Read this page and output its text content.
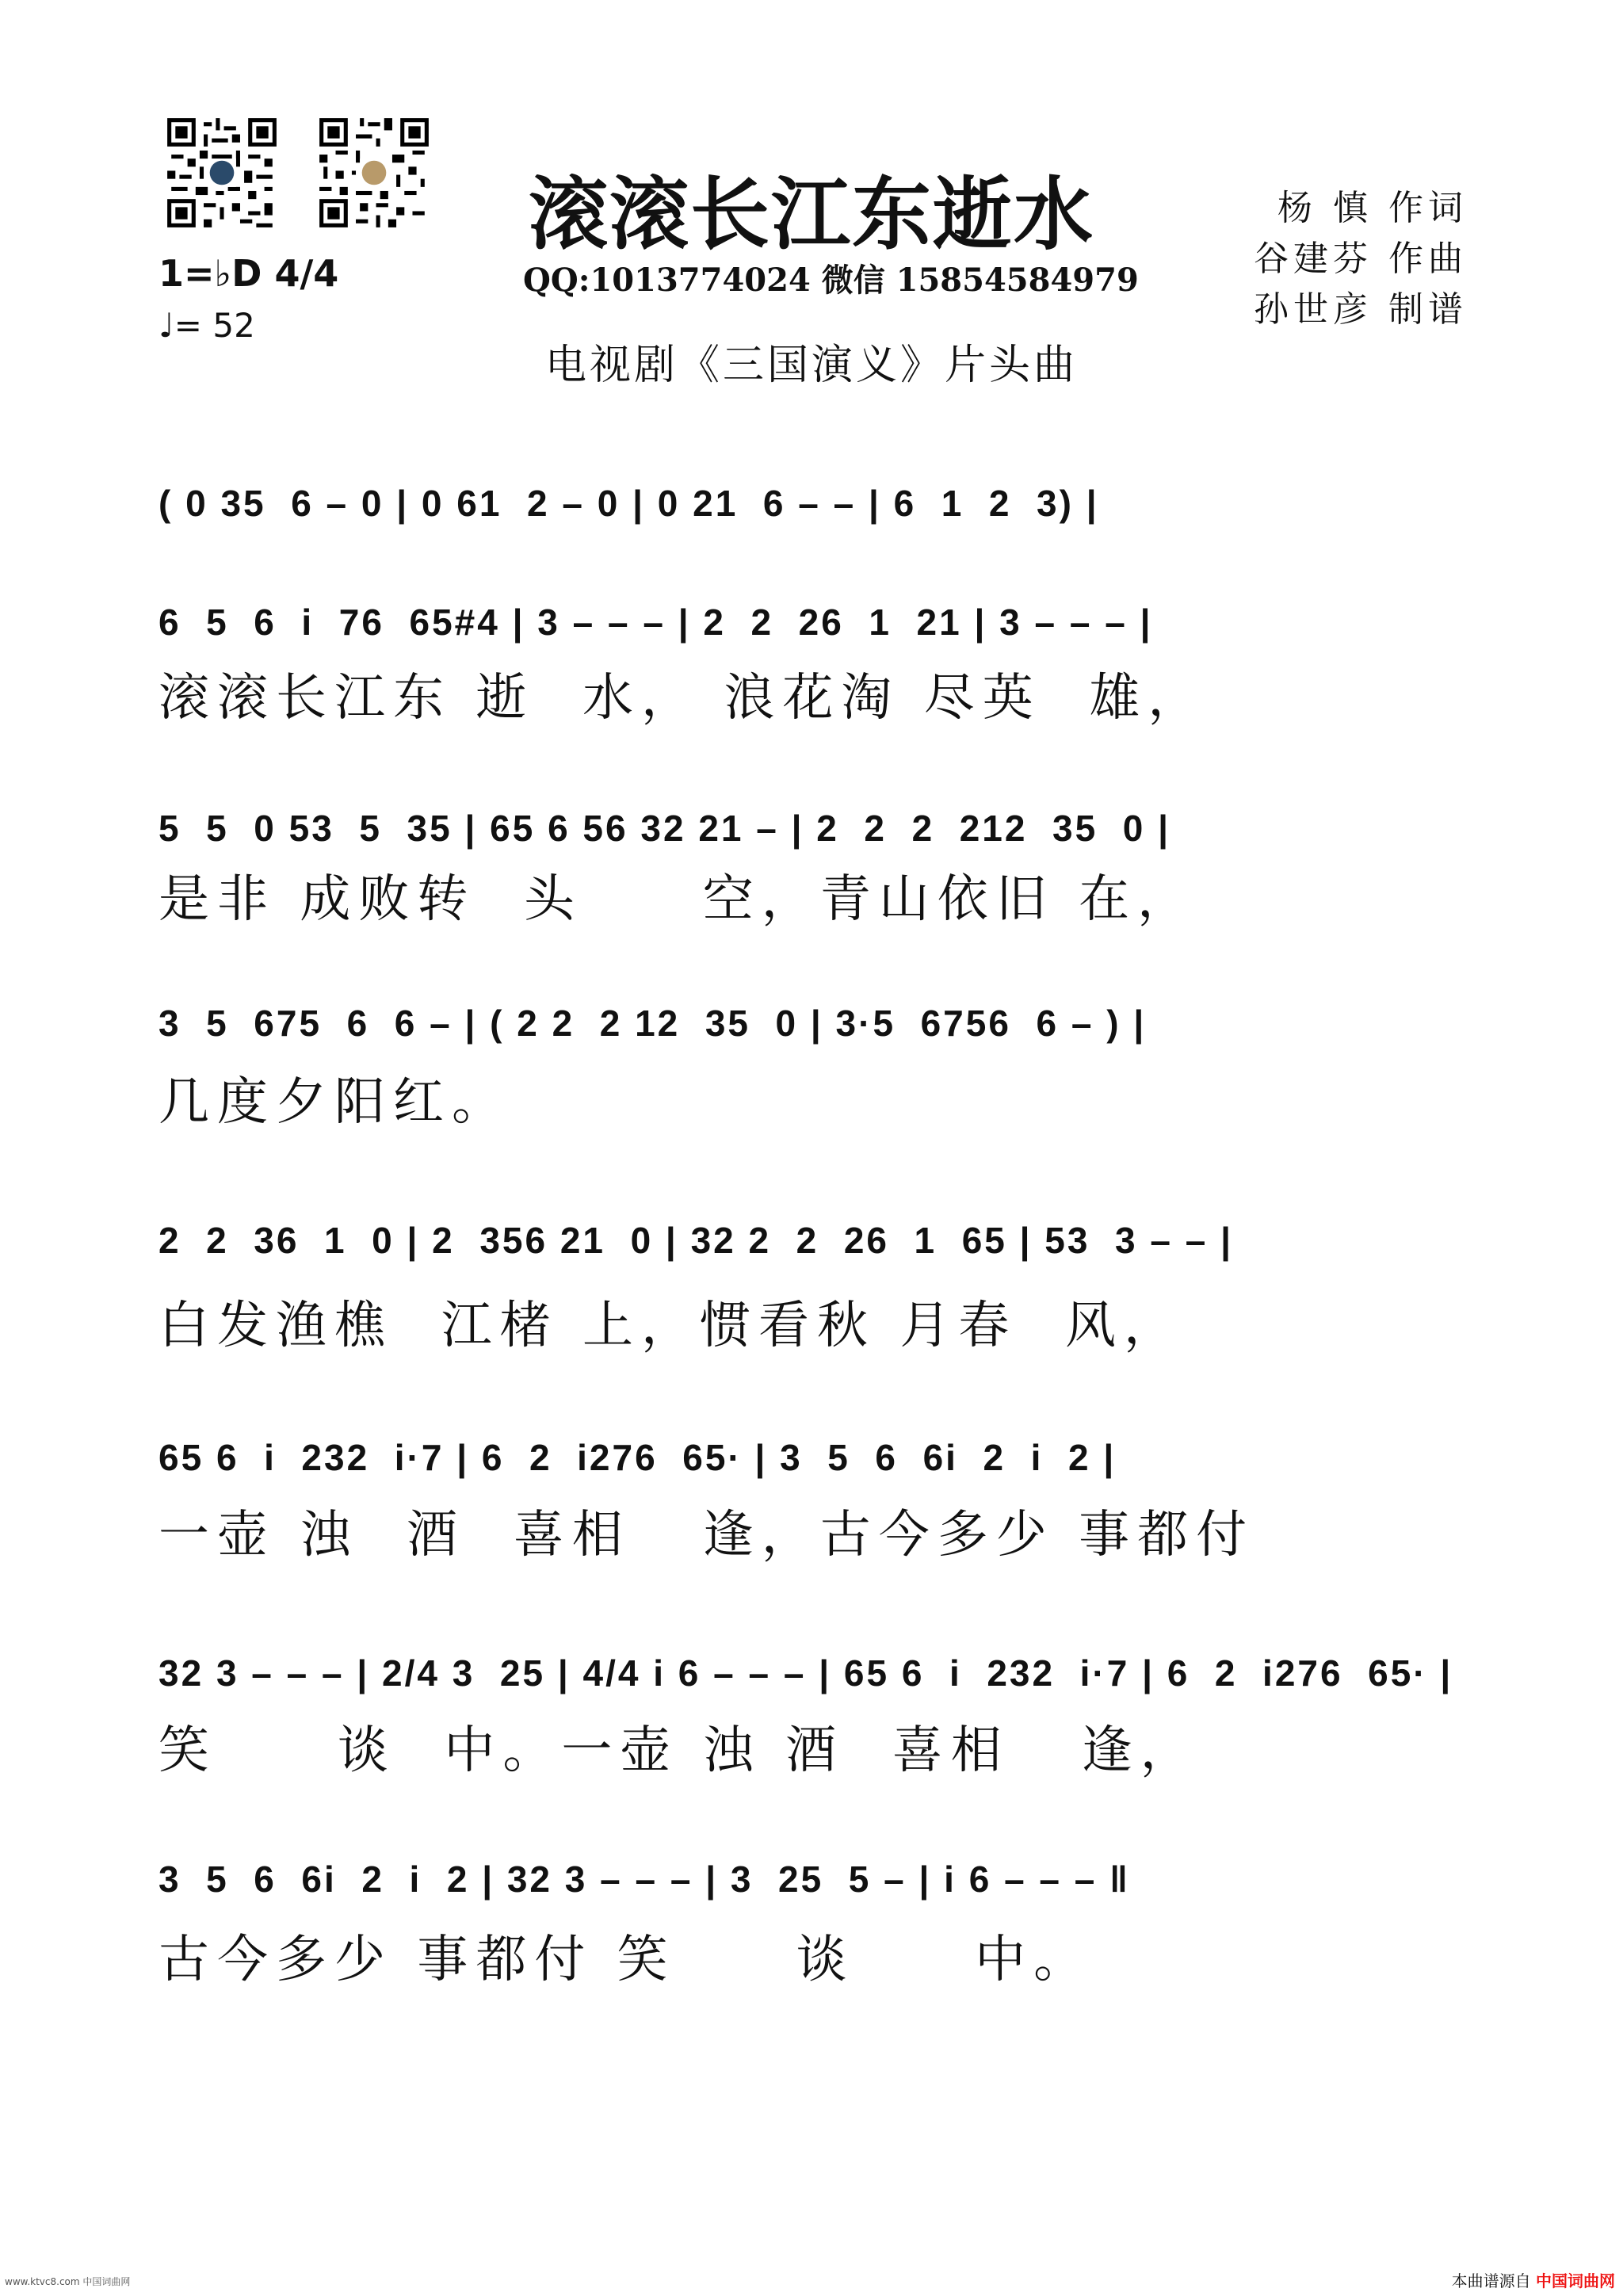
滚滚长江东逝水
1=♭D 4/4
♩= 52
QQ:1013774024 微信 15854584979
杨 慎 作词
谷建芬 作曲
孙世彦 制谱
电视剧《三国演义》片头曲
( 0 35  6 – 0 | 0 61  2 – 0 | 0 21  6 – – | 6  1  2  3) |
6  5  6  i  76  65#4 | 3 – – – | 2  2  26  1  21 | 3 – – – |
滚滚长江东 逝  水， 浪花淘 尽英  雄，
5  5  0 53  5  35 | 65 6 56 32 21 – | 2  2  2  212  35  0 |
是非 成败转  头     空，青山依旧 在，
3  5  675  6  6 – | ( 2 2  2 12  35  0 | 3·5  6756  6 – ) |
几度夕阳红。
2  2  36  1  0 | 2  356 21  0 | 32 2  2  26  1  65 | 53  3 – – |
白发渔樵  江楮 上，惯看秋 月春  风，
65 6  i  232  i·7 | 6  2  i276  65· | 3  5  6  6i  2  i  2 |
一壶 浊  酒  喜相   逢，古今多少 事都付
32 3 – – – | 2/4 3  25 | 4/4 i 6 – – – | 65 6  i  232  i·7 | 6  2  i276  65· |
笑     谈  中。一壶 浊 酒  喜相   逢，
3  5  6  6i  2  i  2 | 32 3 – – – | 3  25  5 – | i 6 – – – ‖
古今多少 事都付 笑     谈     中。
www.ktvc8.com 中国词曲网	本曲谱源自 中国词曲网
